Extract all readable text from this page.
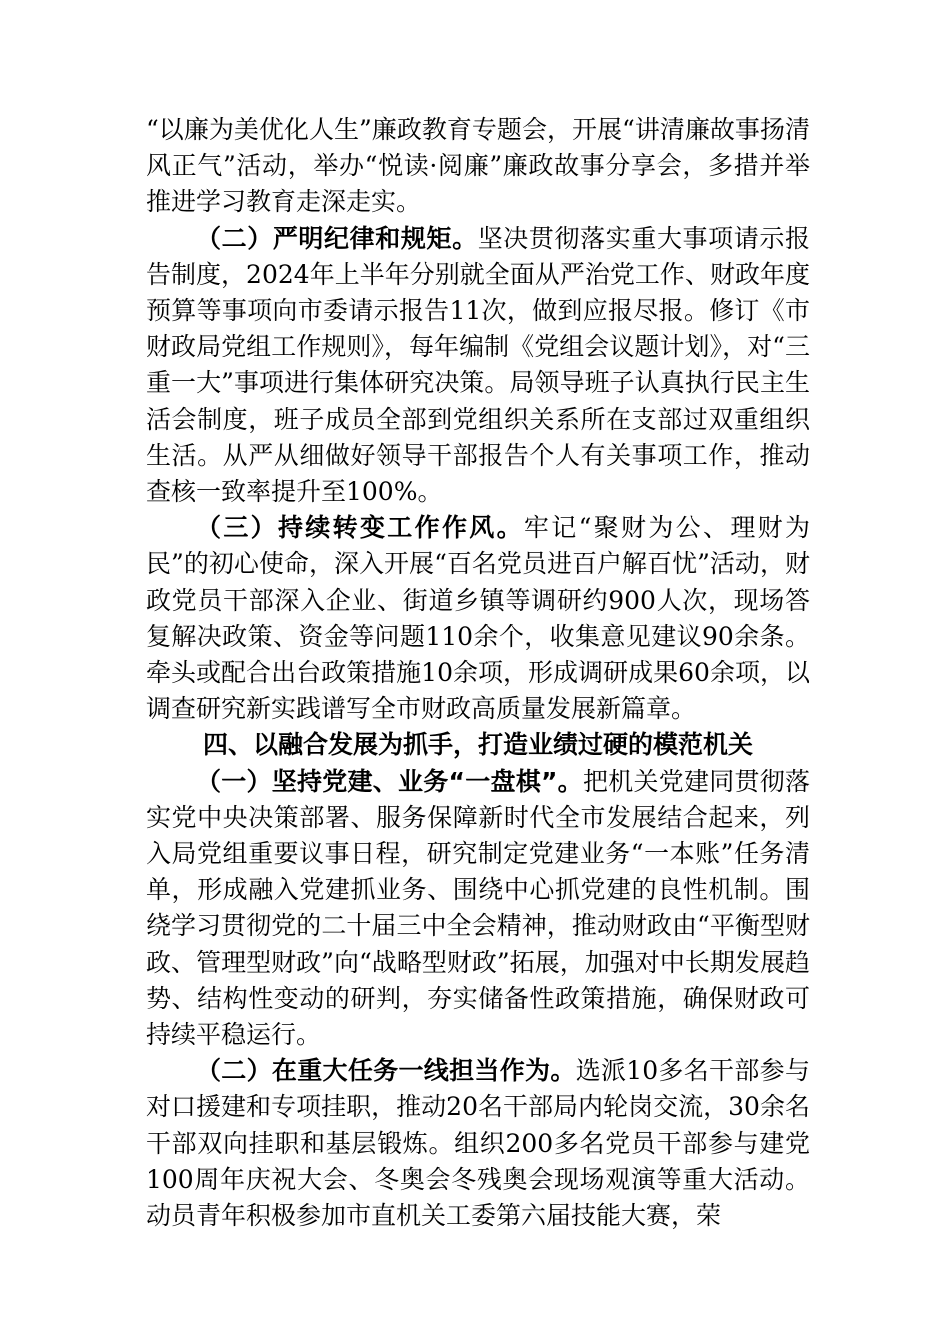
“以廉为美优化人生”廉政教育专题会，开展“讲清廉故事扬清风正气”活动，举办“悦读·阅廉”廉政故事分享会，多措并举推进学习教育走深走实。

（二）严明纪律和规矩。坚决贯彻落实重大事项请示报告制度，2024年上半年分别就全面从严治党工作、财政年度预算等事项向市委请示报告11次，做到应报尽报。修订《市财政局党组工作规则》，每年编制《党组会议题计划》，对“三重一大”事项进行集体研究决策。局领导班子认真执行民主生活会制度，班子成员全部到党组织关系所在支部过双重组织生活。从严从细做好领导干部报告个人有关事项工作，推动查核一致率提升至100%。

（三）持续转变工作作风。牢记“聚财为公、理财为民”的初心使命，深入开展“百名党员进百户解百忧”活动，财政党员干部深入企业、街道乡镇等调研约900人次，现场答复解决政策、资金等问题110余个，收集意见建议90余条。牵头或配合出台政策措施10余项，形成调研成果60余项，以调查研究新实践谱写全市财政高质量发展新篇章。

四、以融合发展为抓手，打造业绩过硬的模范机关

（一）坚持党建、业务“一盘棋”。把机关党建同贯彻落实党中央决策部署、服务保障新时代全市发展结合起来，列入局党组重要议事日程，研究制定党建业务“一本账”任务清单，形成融入党建抓业务、围绕中心抓党建的良性机制。围绕学习贯彻党的二十届三中全会精神，推动财政由“平衡型财政、管理型财政”向“战略型财政”拓展，加强对中长期发展趋势、结构性变动的研判，夯实储备性政策措施，确保财政可持续平稳运行。

（二）在重大任务一线担当作为。选派10多名干部参与对口援建和专项挂职，推动20名干部局内轮岗交流，30余名干部双向挂职和基层锻炼。组织200多名党员干部参与建党100周年庆祝大会、冬奥会冬残奥会现场观演等重大活动。动员青年积极参加市直机关工委第六届技能大赛，荣
